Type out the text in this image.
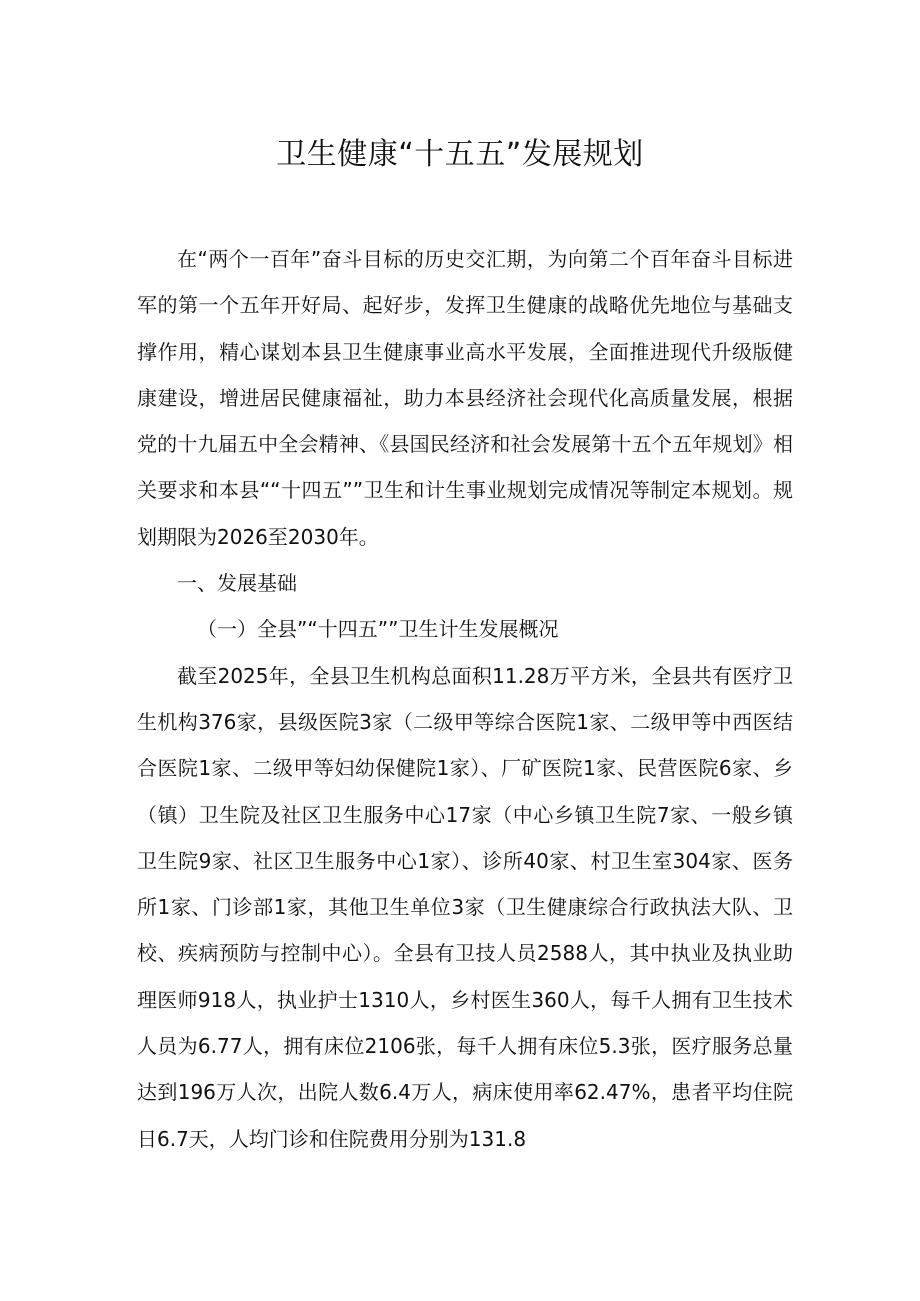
卫生健康“十五五”发展规划

在“两个一百年”奋斗目标的历史交汇期，为向第二个百年奋斗目标进军的第一个五年开好局、起好步，发挥卫生健康的战略优先地位与基础支撑作用，精心谋划本县卫生健康事业高水平发展，全面推进现代升级版健康建设，增进居民健康福祉，助力本县经济社会现代化高质量发展，根据党的十九届五中全会精神、《县国民经济和社会发展第十五个五年规划》相关要求和本县““十四五””卫生和计生事业规划完成情况等制定本规划。规划期限为2026至2030年。

一、发展基础

（一）全县”“十四五””卫生计生发展概况

截至2025年，全县卫生机构总面积11.28万平方米，全县共有医疗卫生机构376家，县级医院3家（二级甲等综合医院1家、二级甲等中西医结合医院1家、二级甲等妇幼保健院1家）、厂矿医院1家、民营医院6家、乡（镇）卫生院及社区卫生服务中心17家（中心乡镇卫生院7家、一般乡镇卫生院9家、社区卫生服务中心1家）、诊所40家、村卫生室304家、医务所1家、门诊部1家，其他卫生单位3家（卫生健康综合行政执法大队、卫校、疾病预防与控制中心）。全县有卫技人员2588人，其中执业及执业助理医师918人，执业护士1310人，乡村医生360人，每千人拥有卫生技术人员为6.77人，拥有床位2106张，每千人拥有床位5.3张，医疗服务总量达到196万人次，出院人数6.4万人，病床使用率62.47%，患者平均住院日6.7天，人均门诊和住院费用分别为131.8
